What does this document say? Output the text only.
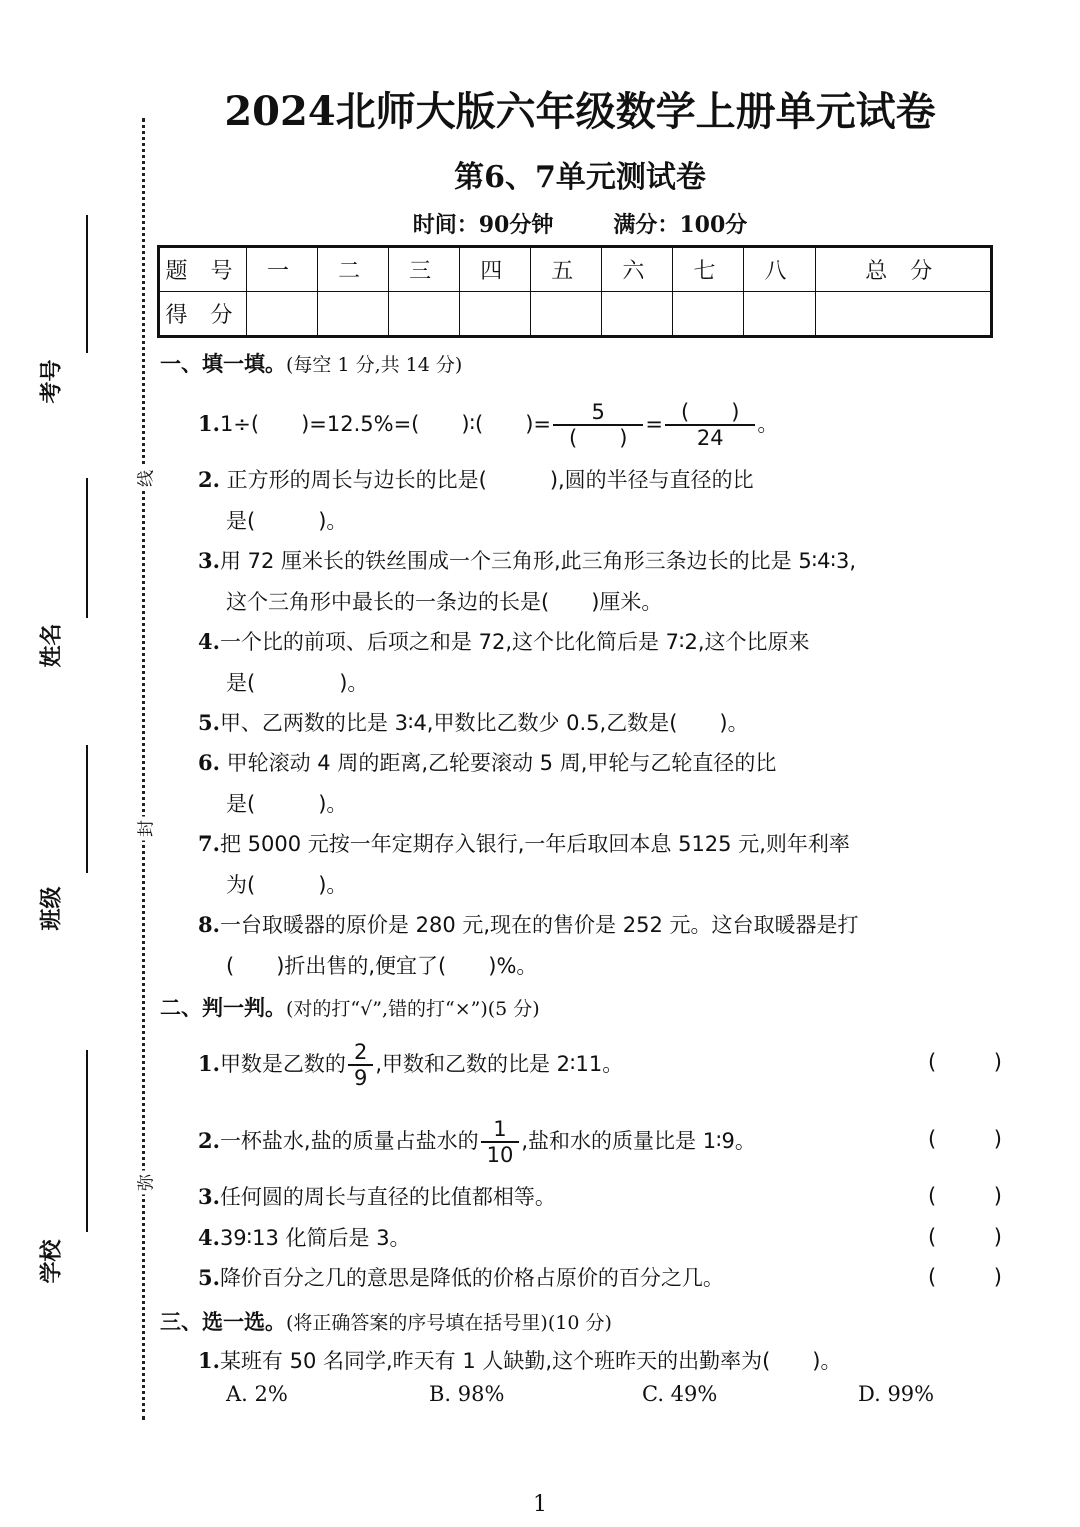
线
封
弥
考号
姓名
班级
学校
2024北师大版六年级数学上册单元试卷
第6、7单元测试卷
时间：90分钟	满分：100分
题 号	一	二	三	四	五	六	七	八	总 分
得 分									
一、填一填。(每空 1 分,共 14 分)
1.1÷(　　)=12.5%=(　　)∶(　　)= $\frac{5}{( )} = \frac{( )}{24}$ 。
2. 正方形的周长与边长的比是(　　　),圆的半径与直径的比
是(　　　)。
3.用 72 厘米长的铁丝围成一个三角形,此三角形三条边长的比是 5∶4∶3,
这个三角形中最长的一条边的长是(　　)厘米。
4.一个比的前项、后项之和是 72,这个比化简后是 7∶2,这个比原来
是(　　　　)。
5.甲、乙两数的比是 3∶4,甲数比乙数少 0.5,乙数是(　　)。
6. 甲轮滚动 4 周的距离,乙轮要滚动 5 周,甲轮与乙轮直径的比
是(　　　)。
7.把 5000 元按一年定期存入银行,一年后取回本息 5125 元,则年利率
为(　　　)。
8.一台取暖器的原价是 280 元,现在的售价是 252 元。这台取暖器是打
(　　)折出售的,便宜了(　　)%。
二、判一判。(对的打“√”,错的打“×”)(5 分)
1.甲数是乙数的 $\frac{2}{9}$ ,甲数和乙数的比是 2∶11。	(	)
2.一杯盐水,盐的质量占盐水的 $\frac{1}{10}$ ,盐和水的质量比是 1∶9。	(	)
3.任何圆的周长与直径的比值都相等。	(	)
4.39∶13 化简后是 3。	(	)
5.降价百分之几的意思是降低的价格占原价的百分之几。	(	)
三、选一选。(将正确答案的序号填在括号里)(10 分)
1.某班有 50 名同学,昨天有 1 人缺勤,这个班昨天的出勤率为(　　)。
A. 2%	B. 98%	C. 49%	D. 99%
1
